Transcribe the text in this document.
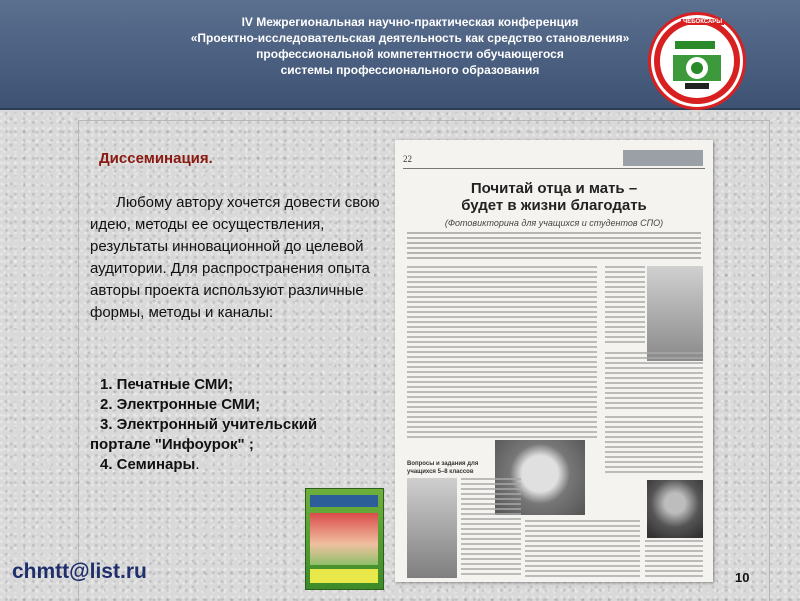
IV Межрегиональная научно-практическая конференция
«Проектно-исследовательская деятельность как средство становления»
профессиональной компетентности обучающегося
системы профессионального образования
ЧЕБОКСАРЫ

Диссеминация.

Любому автору хочется довести свою идею, методы ее осуществления, результаты инновационной до целевой аудитории. Для распространения опыта авторы проекта используют различные формы, методы и каналы:

1. Печатные СМИ;
2. Электронные СМИ;
3. Электронный учительский
портале "Инфоурок" ;
4. Семинары.
22
Почитай отца и мать –
будет в жизни благодать
(Фотовикторина для учащихся и студентов СПО)
Вопросы и задания для учащихся 5–8 классов
chmtt@list.ru	10
